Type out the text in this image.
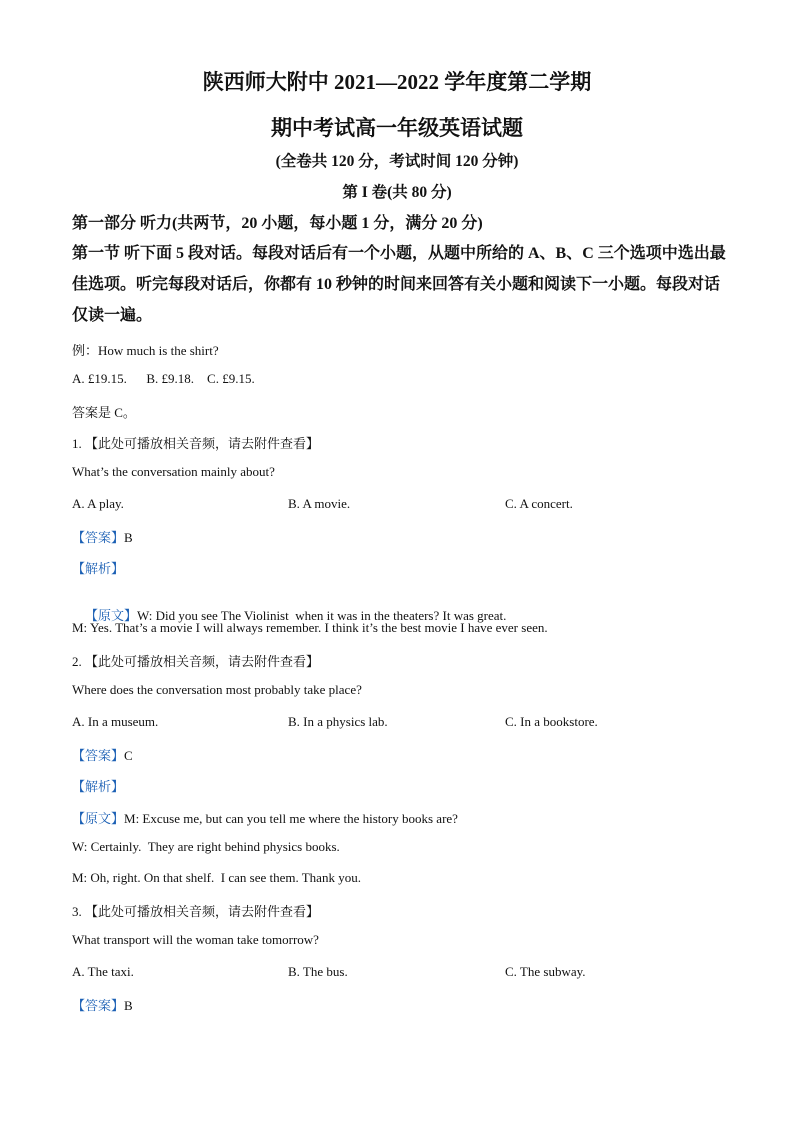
陕西师大附中 2021—2022 学年度第二学期
期中考试高一年级英语试题
(全卷共 120 分，考试时间 120 分钟)
第 I 卷(共 80 分)
第一部分 听力(共两节，20 小题，每小题 1 分，满分 20 分)
第一节 听下面 5 段对话。每段对话后有一个小题，从题中所给的 A、B、C 三个选项中选出最佳选项。听完每段对话后，你都有 10 秒钟的时间来回答有关小题和阅读下一小题。每段对话仅读一遍。
例：How much is the shirt?
A. £19.15.      B. £9.18.    C. £9.15.
答案是 C。
1. 【此处可播放相关音频，请去附件查看】
What’s the conversation mainly about?
A. A play.	B. A movie.	C. A concert.
【答案】B
【解析】

【原文】W: Did you see The Violinist  when it was in the theaters? It was great.

M: Yes. That’s a movie I will always remember. I think it’s the best movie I have ever seen.
2. 【此处可播放相关音频，请去附件查看】
Where does the conversation most probably take place?
A. In a museum.	B. In a physics lab.	C. In a bookstore.
【答案】C
【解析】
【原文】M: Excuse me, but can you tell me where the history books are?
W: Certainly.  They are right behind physics books.
M: Oh, right. On that shelf.  I can see them. Thank you.
3. 【此处可播放相关音频，请去附件查看】
What transport will the woman take tomorrow?
A. The taxi.	B. The bus.	C. The subway.
【答案】B
